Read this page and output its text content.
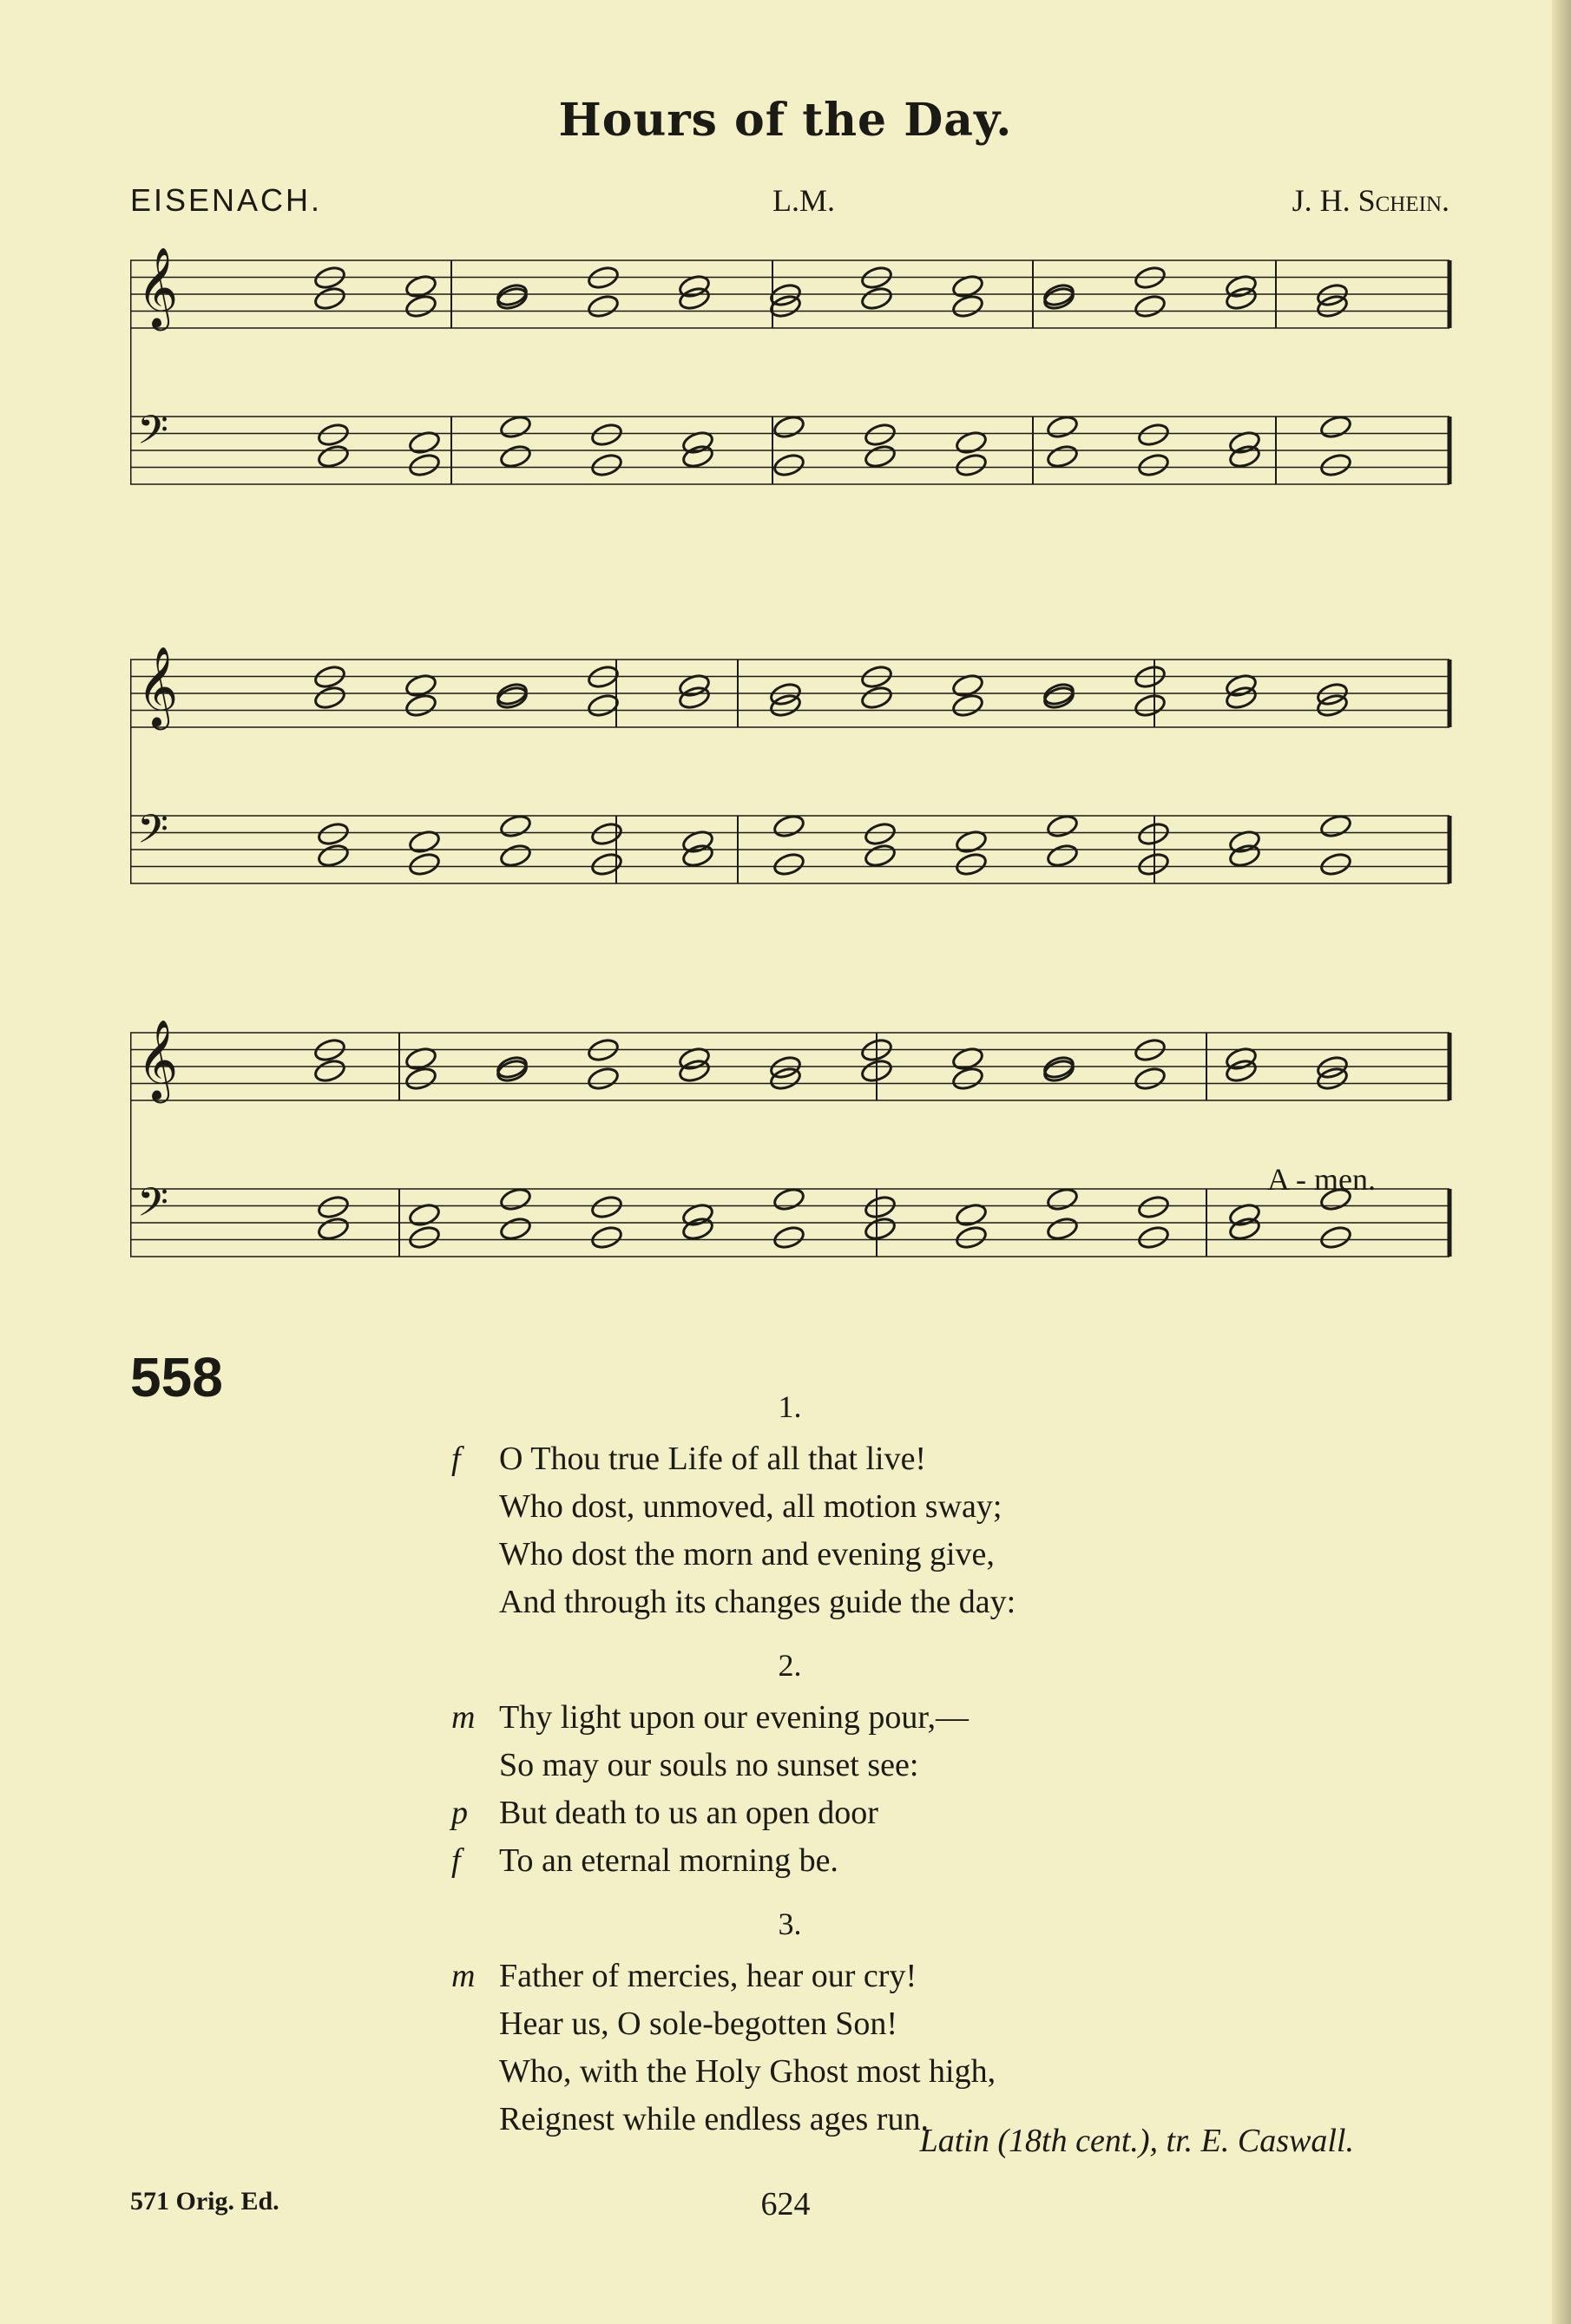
Hours of the Day.
EISENACH.	L.M.	J. H. Schein.
𝄞
𝄢
𝄞
𝄢
𝄞
𝄢	A - men.
558	1.
f O Thou true Life of all that live!
Who dost, unmoved, all motion sway;
Who dost the morn and evening give,
And through its changes guide the day:
2.
m Thy light upon our evening pour,—
So may our souls no sunset see:
p But death to us an open door
f To an eternal morning be.
3.
m Father of mercies, hear our cry!
Hear us, O sole-begotten Son!
Who, with the Holy Ghost most high,
Reignest while endless ages run.
Latin (18th cent.), tr. E. Caswall.
571 Orig. Ed.	624
